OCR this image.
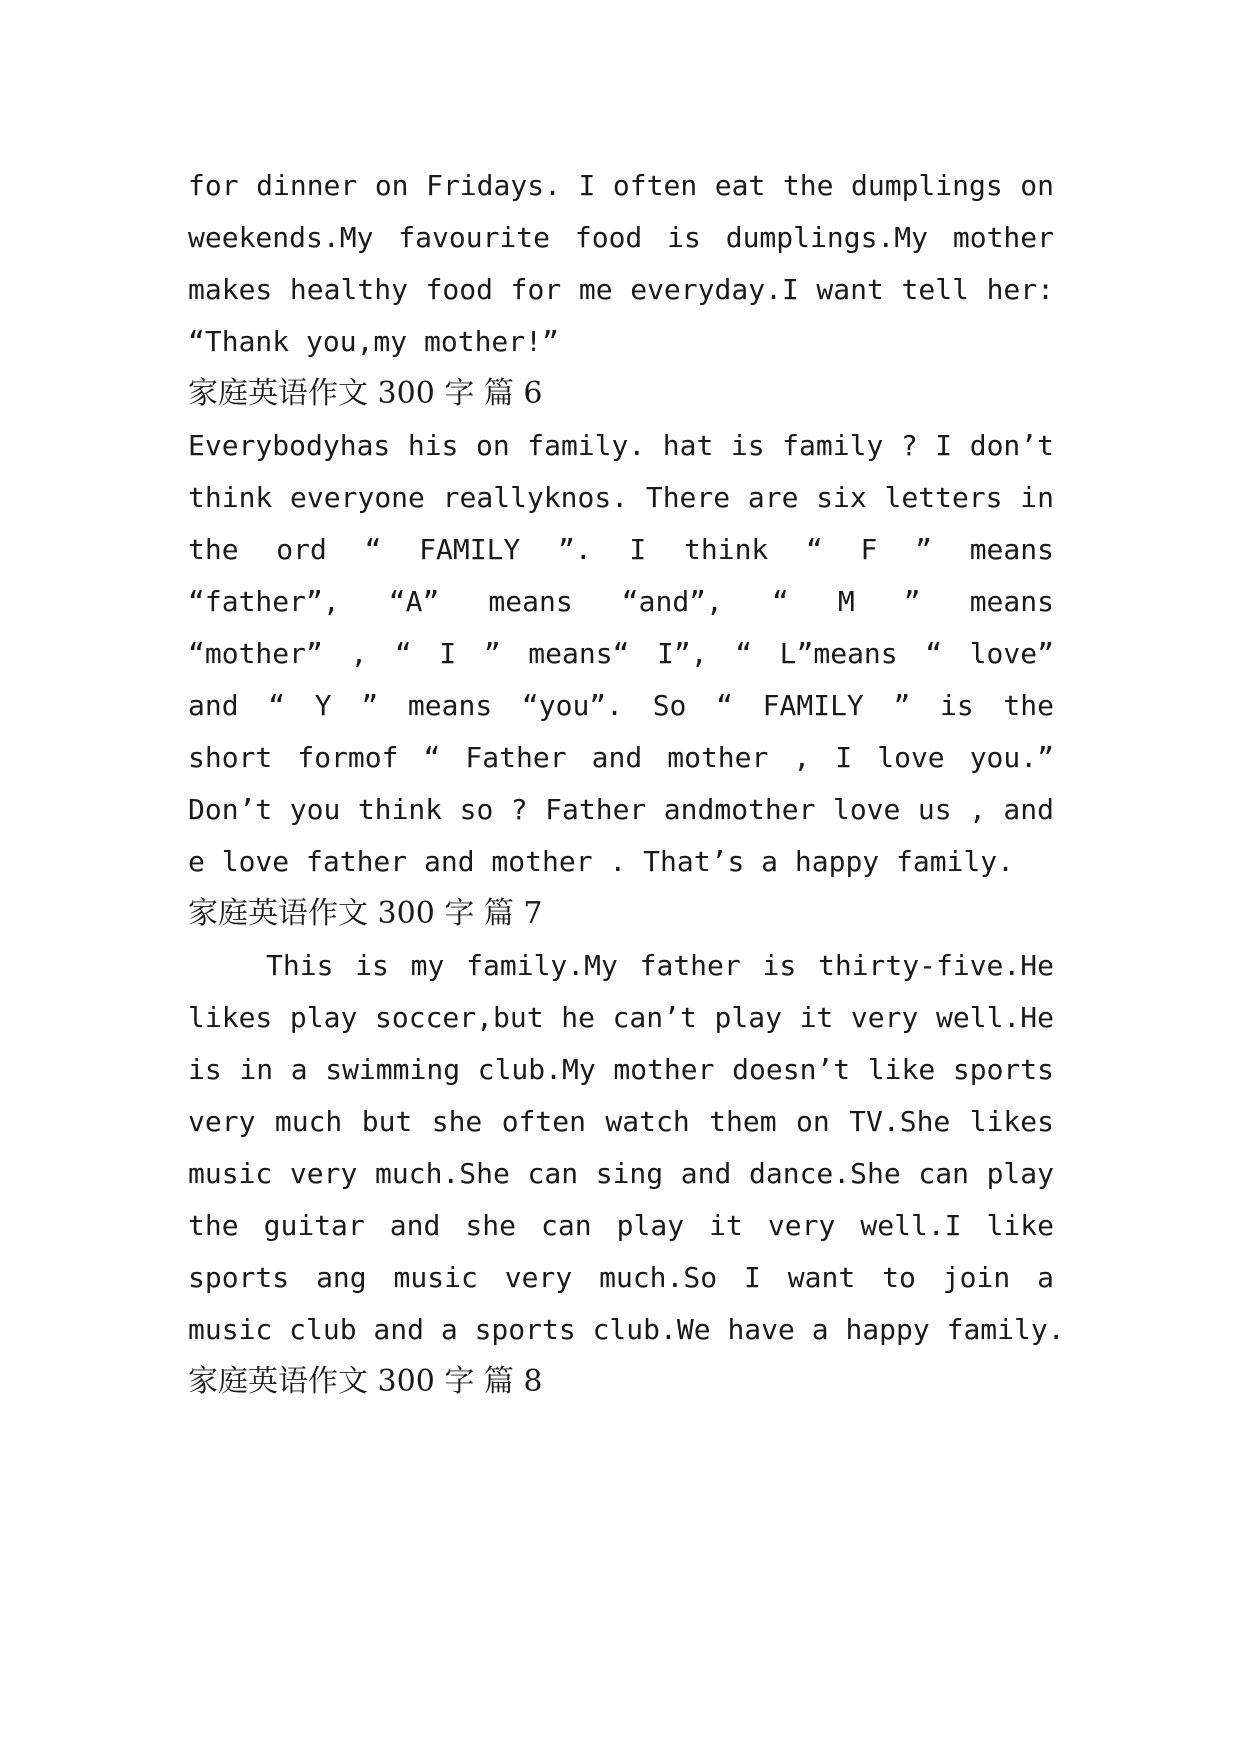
for dinner on Fridays. I often eat the dumplings on
weekends.My favourite food is dumplings.My mother
makes healthy food for me everyday.I want tell her:
“Thank you,my mother!”
家庭英语作文 300 字 篇 6
Everybodyhas his on family. hat is family ? I don’t
think everyone reallyknos. There are six letters in
the ord “ FAMILY ”. I think “ F ” means
“father”, “A” means “and”, “ M ” means
“mother” , “ I ” means“ I”, “ L”means “ love”
and “ Y ” means “you”. So “ FAMILY ” is the
short formof “ Father and mother , I love you.”
Don’t you think so ? Father andmother love us , and
e love father and mother . That’s a happy family.
家庭英语作文 300 字 篇 7
This is my family.My father is thirty-five.He
likes play soccer,but he can’t play it very well.He
is in a swimming club.My mother doesn’t like sports
very much but she often watch them on TV.She likes
music very much.She can sing and dance.She can play
the guitar and she can play it very well.I like
sports ang music very much.So I want to join a
music club and a sports club.We have a happy family.
家庭英语作文 300 字 篇 8
